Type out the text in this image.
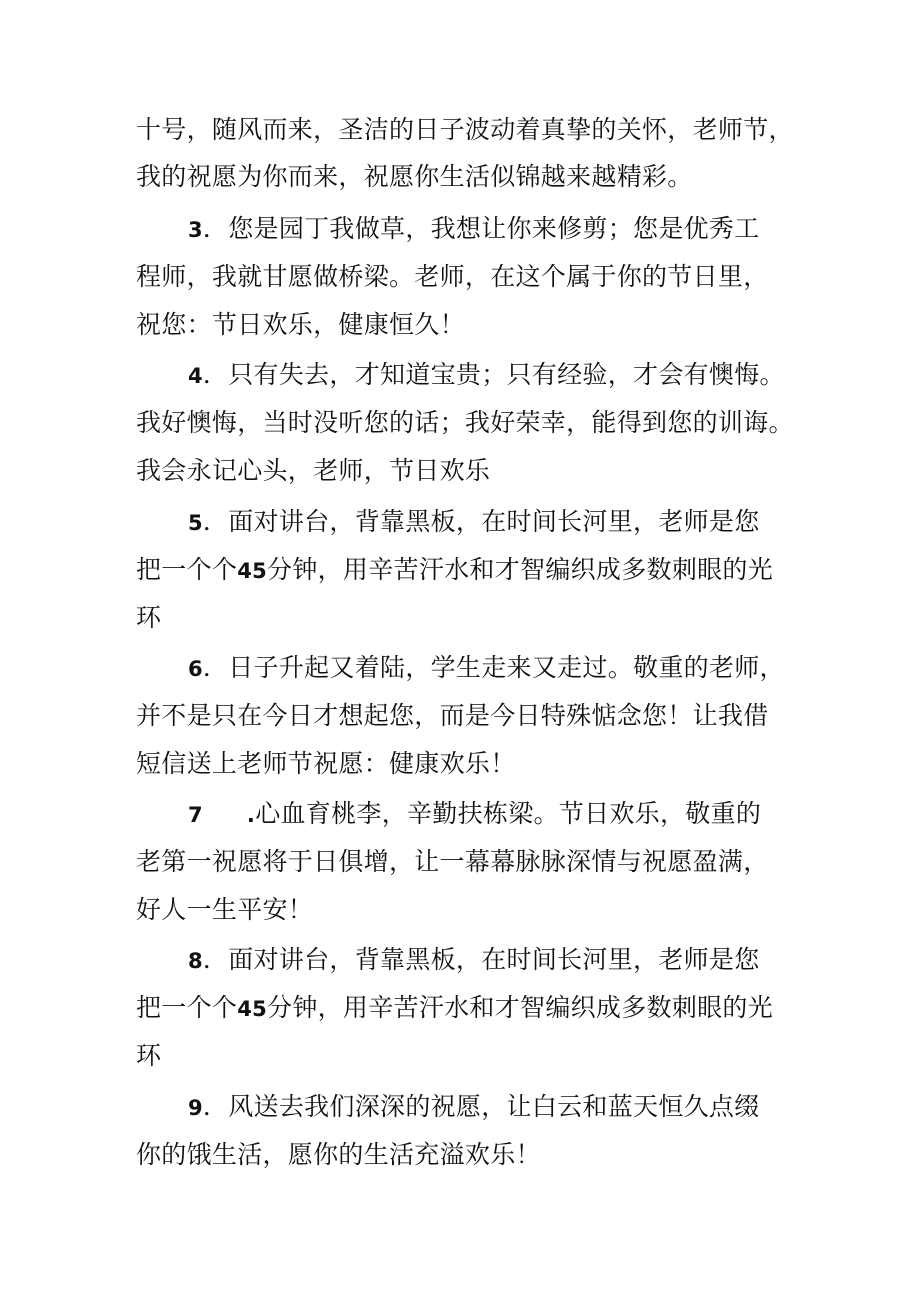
十号，随风而来，圣洁的日子波动着真挚的关怀，老师节，
我的祝愿为你而来，祝愿你生活似锦越来越精彩。
3．您是园丁我做草，我想让你来修剪；您是优秀工
程师，我就甘愿做桥梁。老师，在这个属于你的节日里，
祝您：节日欢乐，健康恒久！
4．只有失去，才知道宝贵；只有经验，才会有懊悔。
我好懊悔，当时没听您的话；我好荣幸，能得到您的训诲。
我会永记心头，老师，节日欢乐
5．面对讲台，背靠黑板，在时间长河里，老师是您
把一个个45分钟，用辛苦汗水和才智编织成多数刺眼的光
环
6．日子升起又着陆，学生走来又走过。敬重的老师，
并不是只在今日才想起您，而是今日特殊惦念您！让我借
短信送上老师节祝愿：健康欢乐！
7 .心血育桃李，辛勤扶栋梁。节日欢乐，敬重的
老第一祝愿将于日俱增，让一幕幕脉脉深情与祝愿盈满，
好人一生平安！
8．面对讲台，背靠黑板，在时间长河里，老师是您
把一个个45分钟，用辛苦汗水和才智编织成多数刺眼的光
环
9．风送去我们深深的祝愿，让白云和蓝天恒久点缀
你的饿生活，愿你的生活充溢欢乐！
